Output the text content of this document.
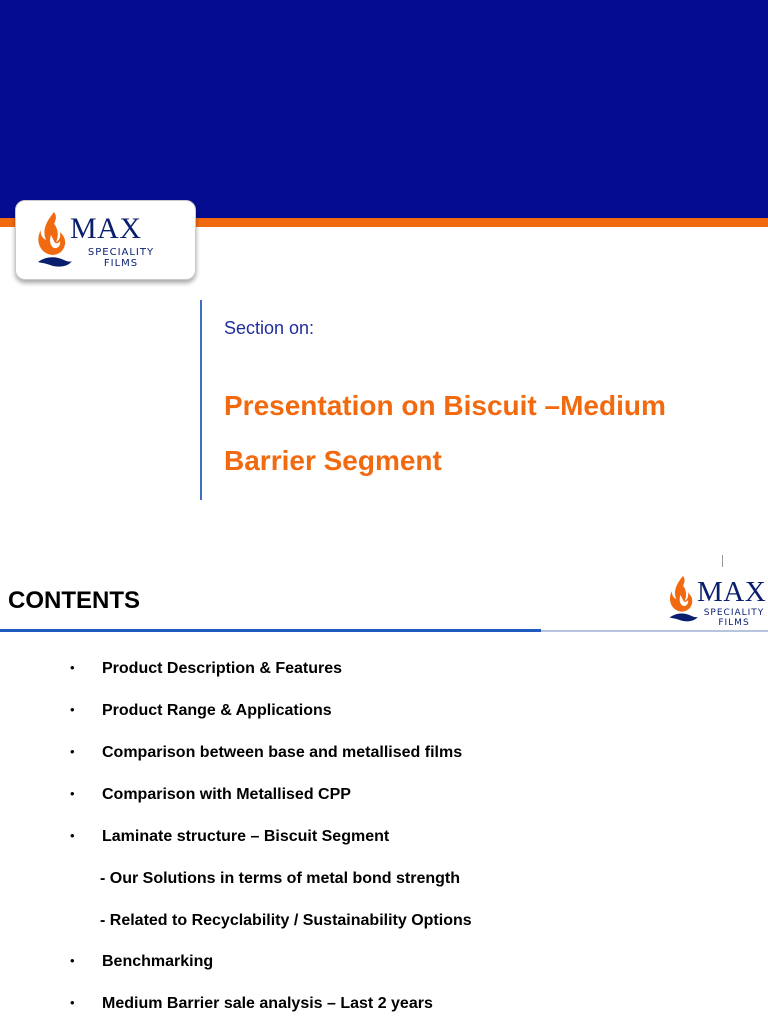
MAX
SPECIALITY
FILMS
Section on:
Presentation on Biscuit –Medium
Barrier Segment
CONTENTS	MAX
SPECIALITY
FILMS
• Product Description & Features
• Product Range & Applications
• Comparison between base and metallised films
• Comparison with Metallised CPP
• Laminate structure – Biscuit Segment
- Our Solutions in terms of metal bond strength
- Related to Recyclability / Sustainability Options
• Benchmarking
• Medium Barrier sale analysis – Last 2 years
